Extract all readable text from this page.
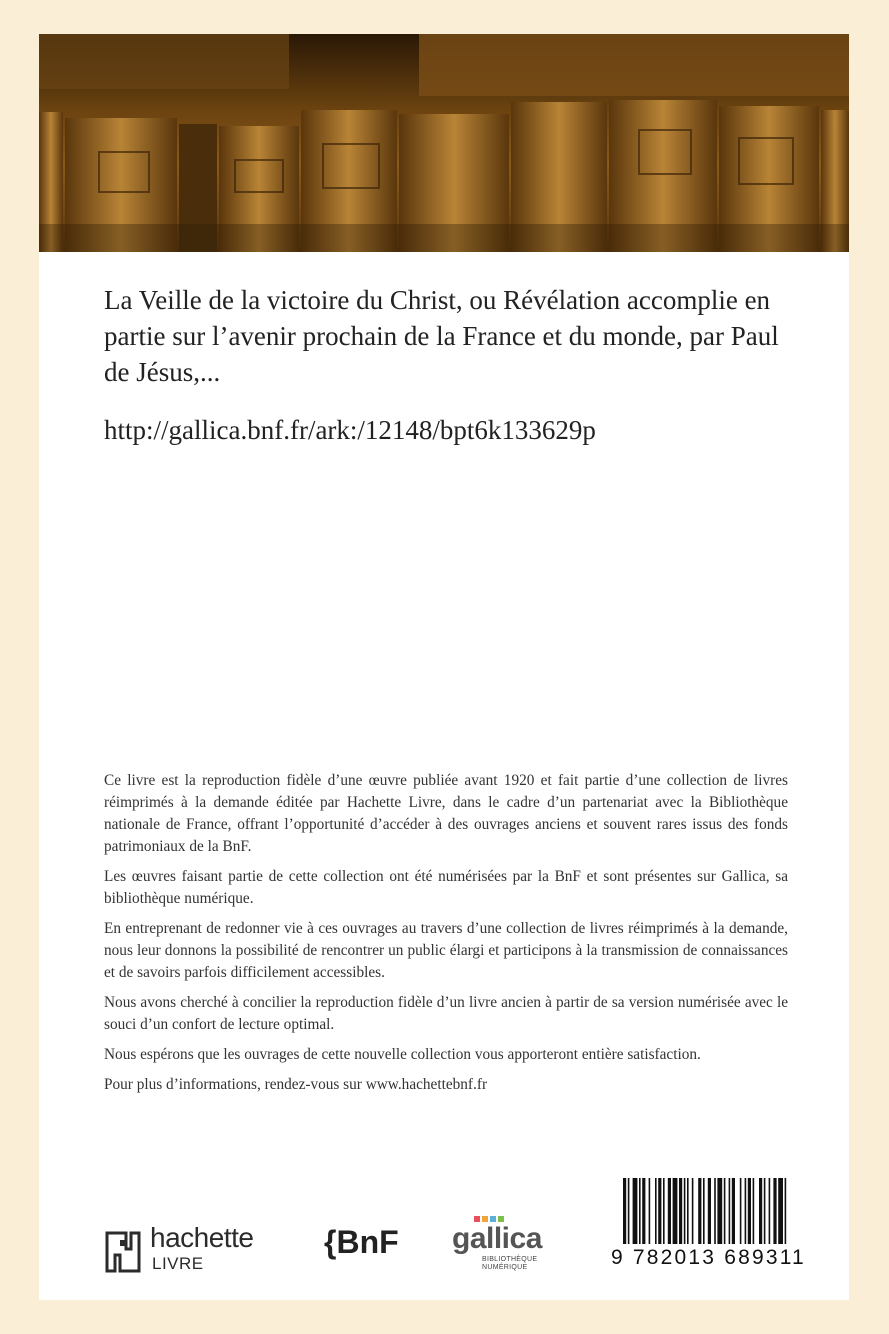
La Veille de la victoire du Christ, ou Révélation accomplie en partie sur l’avenir prochain de la France et du monde, par Paul de Jésus,...
http://gallica.bnf.fr/ark:/12148/bpt6k133629p

Ce livre est la reproduction fidèle d’une œuvre publiée avant 1920 et fait partie d’une collection de livres réimprimés à la demande éditée par Hachette Livre, dans le cadre d’un partenariat avec la Bibliothèque nationale de France, offrant l’opportunité d’accéder à des ouvrages anciens et souvent rares issus des fonds patrimoniaux de la BnF.

Les œuvres faisant partie de cette collection ont été numérisées par la BnF et sont présentes sur Gallica, sa bibliothèque numérique.

En entreprenant de redonner vie à ces ouvrages au travers d’une collection de livres réimprimés à la demande, nous leur donnons la possibilité de rencontrer un public élargi et participons à la transmission de connaissances et de savoirs parfois difficilement accessibles.

Nous avons cherché à concilier la reproduction fidèle d’un livre ancien à partir de sa version numérisée avec le souci d’un confort de lecture optimal.

Nous espérons que les ouvrages de cette nouvelle collection vous apporteront entière satisfaction.

Pour plus d’informations, rendez-vous sur www.hachettebnf.fr

hachette
LIVRE
{BnF gallica
BIBLIOTHÈQUE
NUMÉRIQUE	9 782013 689311
